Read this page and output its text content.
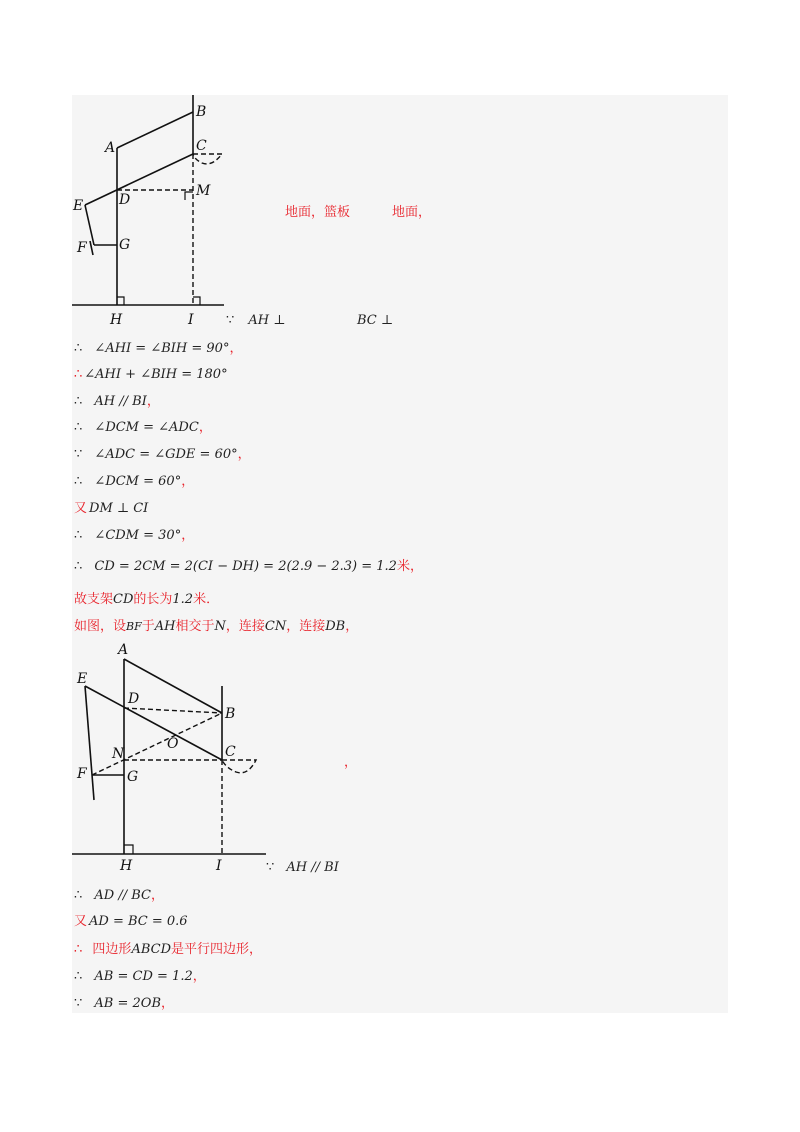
A
B
C
D
E
F G
M
H	I
地面，篮板	地面，
∵ AH ⊥	BC ⊥
∴ ∠AHI = ∠BIH = 90°，
∴ ∠AHI + ∠BIH = 180°
∴ AH // BI，
∴ ∠DCM = ∠ADC，
∵ ∠ADC = ∠GDE = 60°，
∴ ∠DCM = 60°，
又 DM ⊥ CI
∴ ∠CDM = 30°，
∴ CD = 2CM = 2(CI − DH) = 2(2.9 − 2.3) = 1.2米，
故支架CD的长为1.2米．
如图，设BF于AH相交于N，连接CN，连接DB，
A
B
C
D
E
F	G
N
O
H	I
，
∵ AH // BI
∴ AD // BC，
又 AD = BC = 0.6
∴ 四边形ABCD是平行四边形，
∴ AB = CD = 1.2，
∵ AB = 2OB，
